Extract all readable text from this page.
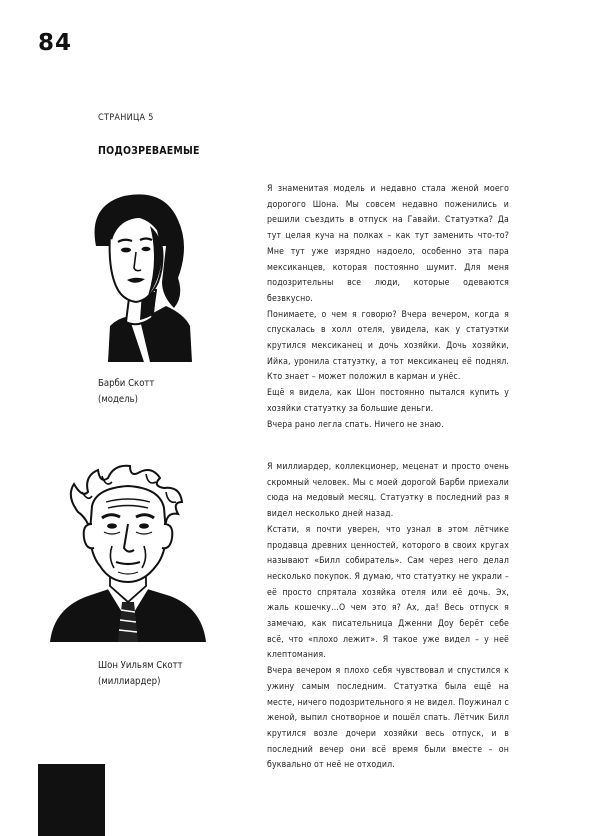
84
СТРАНИЦА 5
ПОДОЗРЕВАЕМЫЕ
Барби Скотт
(модель)

Я знаменитая модель и недавно стала женой моего дорогого Шона. Мы совсем недавно поженились и решили съездить в отпуск на Гавайи. Статуэтка? Да тут целая куча на полках – как тут заменить что-то? Мне тут уже изрядно надоело, особенно эта пара мексиканцев, которая постоянно шумит. Для меня подозрительны все люди, которые одеваются безвкусно.

Понимаете, о чем я говорю? Вчера вечером, когда я спускалась в холл отеля, увидела, как у статуэтки крутился мексиканец и дочь хозяйки. Дочь хозяйки, Ийка, уронила статуэтку, а тот мексиканец её поднял. Кто знает – может положил в карман и унёс.

Ещё я видела, как Шон постоянно пытался купить у хозяйки статуэтку за большие деньги.

Вчера рано легла спать. Ничего не знаю.

Шон Уильям Скотт
(миллиардер)

Я миллиардер, коллекционер, меценат и просто очень скромный человек. Мы с моей дорогой Барби приехали сюда на медовый месяц. Статуэтку в последний раз я видел несколько дней назад.

Кстати, я почти уверен, что узнал в этом лётчике продавца древних ценностей, которого в своих кругах называют «Билл собиратель». Сам через него делал несколько покупок. Я думаю, что статуэтку не украли – её просто спрятала хозяйка отеля или её дочь. Эх, жаль кошечку...О чем это я? Ах, да! Весь отпуск я замечаю, как писательница Дженни Доу берёт себе всё, что «плохо лежит». Я такое уже видел – у неё клептомания.

Вчера вечером я плохо себя чувствовал и спустился к ужину самым последним. Статуэтка была ещё на месте, ничего подозрительного я не видел. Поужинал с женой, выпил снотворное и пошёл спать. Лётчик Билл крутился возле дочери хозяйки весь отпуск, и в последний вечер они всё время были вместе – он буквально от неё не отходил.
